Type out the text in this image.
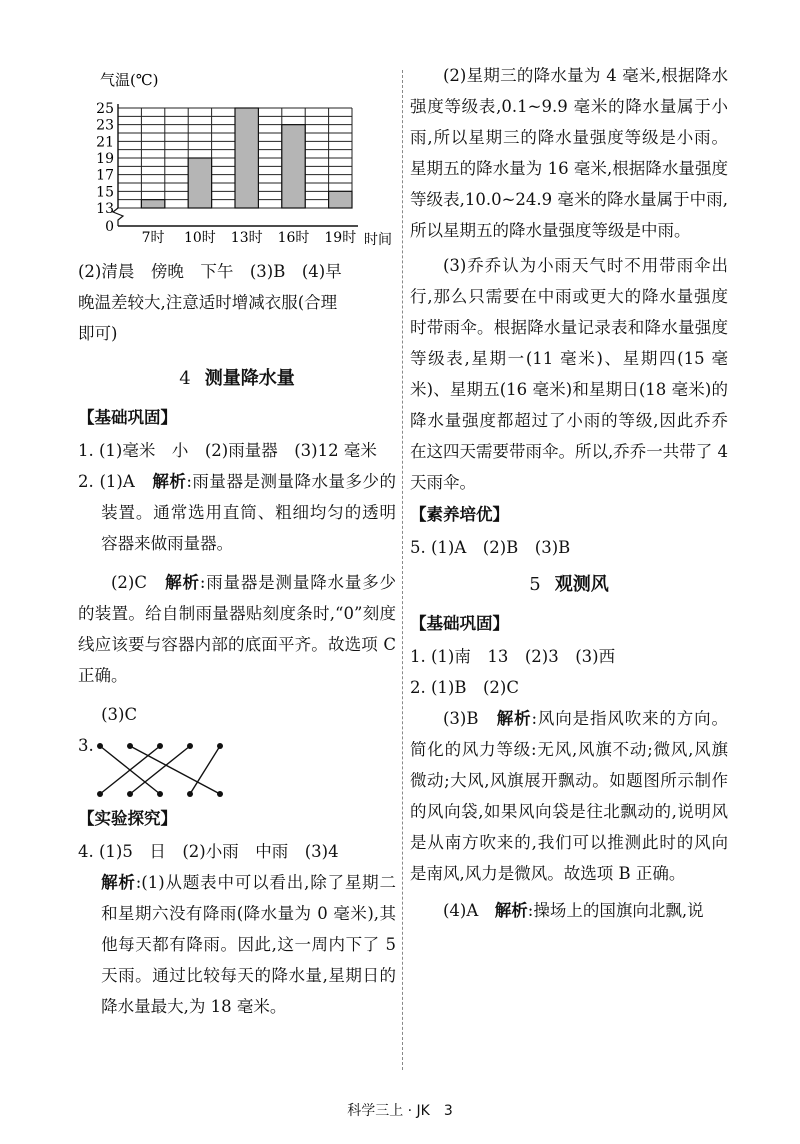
气温(℃)
25
23
21
19
17
15
13
0
7时 10时 13时 16时 19时 时间
(2)清晨　傍晚　下午　(3)B　(4)早
晚温差较大,注意适时增减衣服(合理
即可)
4 测量降水量
【基础巩固】
1. (1)毫米　小　(2)雨量器　(3)12 毫米

2. (1)A　 解析:雨量器是测量降水量多少的装置。通常选用直筒、粗细均匀的透明容器来做雨量器。

(2)C　 解析:雨量器是测量降水量多少的装置。给自制雨量器贴刻度条时,“0”刻度线应该要与容器内部的底面平齐。故选项 C 正确。

(3)C
3.
【实验探究】
4. (1)5　日　(2)小雨　中雨　(3)4

解析:(1)从题表中可以看出,除了星期二和星期六没有降雨(降水量为 0 毫米),其他每天都有降雨。因此,这一周内下了 5 天雨。通过比较每天的降水量,星期日的降水量最大,为 18 毫米。

(2)星期三的降水量为 4 毫米,根据降水强度等级表,0.1~9.9 毫米的降水量属于小雨,所以星期三的降水量强度等级是小雨。星期五的降水量为 16 毫米,根据降水量强度等级表,10.0~24.9 毫米的降水量属于中雨,所以星期五的降水量强度等级是中雨。

(3)乔乔认为小雨天气时不用带雨伞出行,那么只需要在中雨或更大的降水量强度时带雨伞。根据降水量记录表和降水量强度等级表,星期一(11 毫米)、星期四(15 毫米)、星期五(16 毫米)和星期日(18 毫米)的降水量强度都超过了小雨的等级,因此乔乔在这四天需要带雨伞。所以,乔乔一共带了 4 天雨伞。

【素养培优】
5. (1)A　(2)B　(3)B
5 观测风
【基础巩固】
1. (1)南　13　(2)3　(3)西
2. (1)B　(2)C

(3)B　 解析:风向是指风吹来的方向。简化的风力等级:无风,风旗不动;微风,风旗微动;大风,风旗展开飘动。如题图所示制作的风向袋,如果风向袋是往北飘动的,说明风是从南方吹来的,我们可以推测此时的风向是南风,风力是微风。故选项 B 正确。

(4)A　 解析:操场上的国旗向北飘,说

科学三上 · JK　 3
